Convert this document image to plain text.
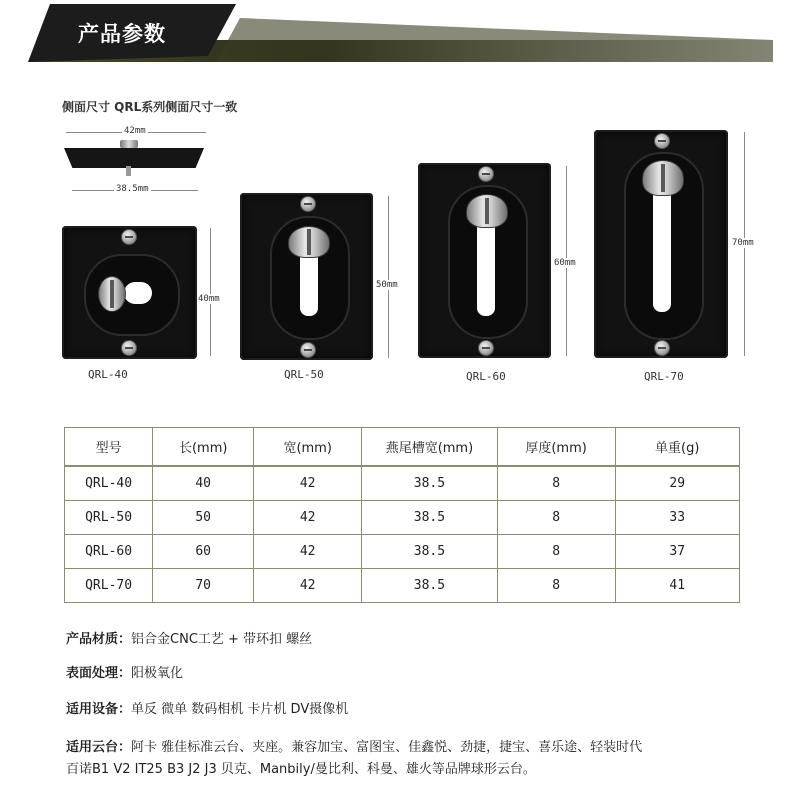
产品参数
侧面尺寸 QRL系列侧面尺寸一致
42mm
38.5mm
40mm
QRL-40
50mm
QRL-50
60mm
QRL-60
70mm
QRL-70
型号	长(mm)	宽(mm)	燕尾槽宽(mm)	厚度(mm)	单重(g)
QRL-40	40	42	38.5	8	29
QRL-50	50	42	38.5	8	33
QRL-60	60	42	38.5	8	37
QRL-70	70	42	38.5	8	41
产品材质：铝合金CNC工艺 + 带环扣 螺丝
表面处理：阳极氧化
适用设备：单反 微单 数码相机 卡片机 DV摄像机
适用云台：阿卡 雅佳标准云台、夹座。兼容加宝、富图宝、佳鑫悦、劲捷，捷宝、喜乐途、轻装时代
百诺B1 V2 IT25 B3 J2 J3 贝克、Manbily/曼比利、科曼、雄火等品牌球形云台。
